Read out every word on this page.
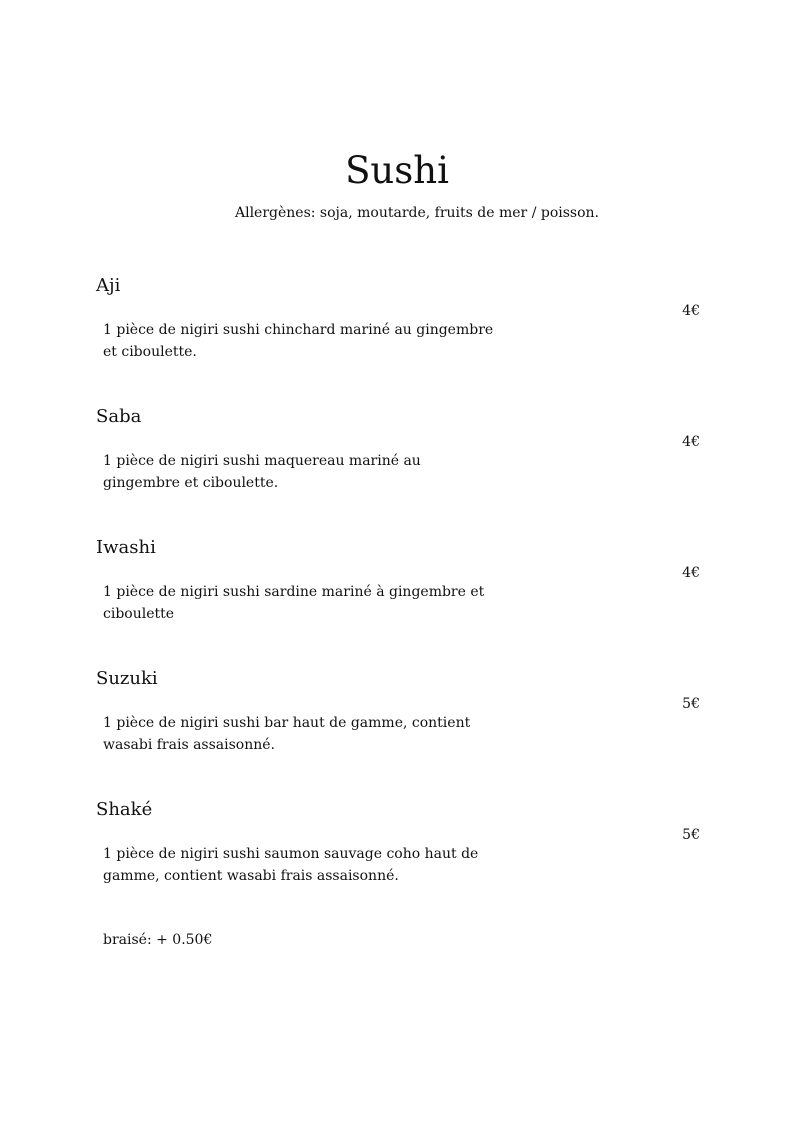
Sushi

Allergènes: soja, moutarde, fruits de mer / poisson.

Aji
4€

1 pièce de nigiri sushi chinchard mariné au gingembre et ciboulette.

Saba
4€

1 pièce de nigiri sushi maquereau mariné au gingembre et ciboulette.

Iwashi
4€

1 pièce de nigiri sushi sardine mariné à gingembre et ciboulette

Suzuki
5€

1 pièce de nigiri sushi bar haut de gamme, contient wasabi frais assaisonné.

Shaké
5€

1 pièce de nigiri sushi saumon sauvage coho haut de gamme, contient wasabi frais assaisonné.

braisé: + 0.50€
